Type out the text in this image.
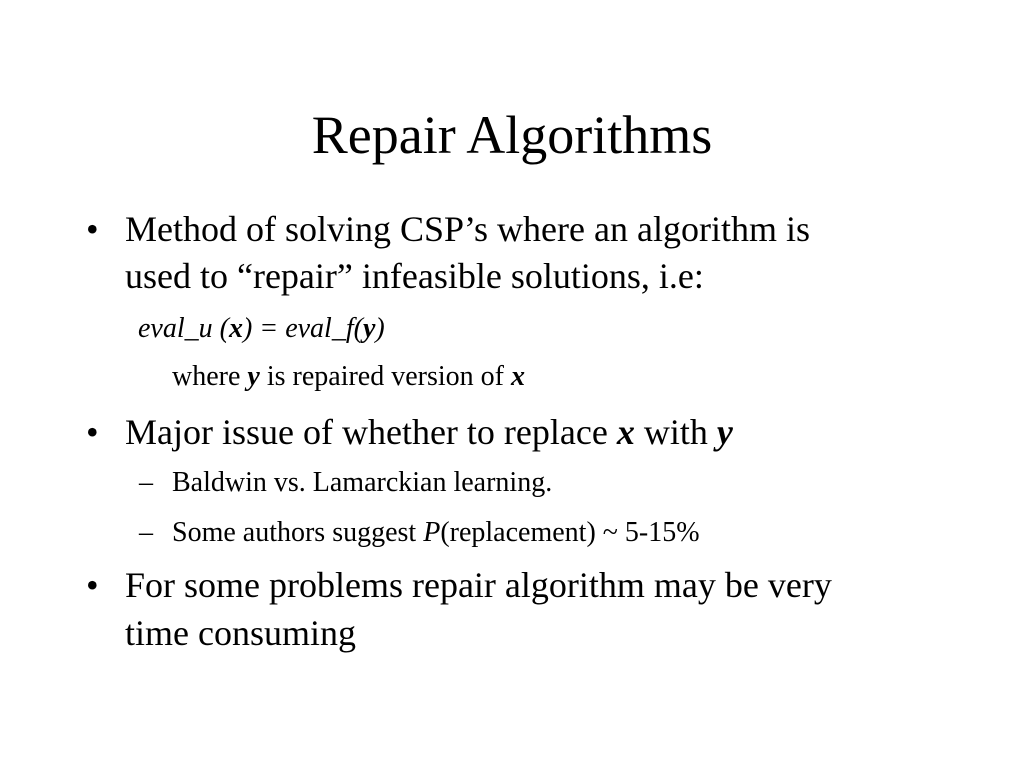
Repair Algorithms
• Method of solving CSP’s where an algorithm is
used to “repair” infeasible solutions, i.e:
eval_u (x) = eval_f(y)
where y is repaired version of x
• Major issue of whether to replace x with y
– Baldwin vs. Lamarckian learning.
– Some authors suggest P(replacement) ~ 5-15%
• For some problems repair algorithm may be very
time consuming
